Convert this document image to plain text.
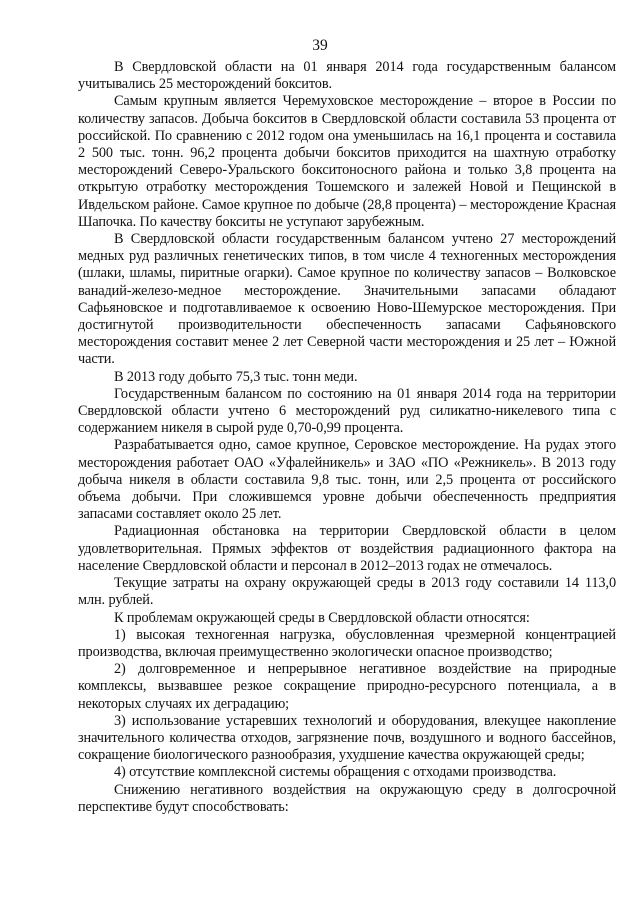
39

В Свердловской области на 01 января 2014 года государственным балансом учитывались 25 месторождений бокситов.

Самым крупным является Черемуховское месторождение – второе в России по количеству запасов. Добыча бокситов в Свердловской области составила 53 процента от российской. По сравнению с 2012 годом она уменьшилась на 16,1 процента и составила 2 500 тыс. тонн. 96,2 процента добычи бокситов приходится на шахтную отработку месторождений Северо-Уральского бокситоносного района и только 3,8 процента на открытую отработку месторождения Тошемского и залежей Новой и Пещинской в Ивдельском районе. Самое крупное по добыче (28,8 процента) – месторождение Красная Шапочка. По качеству бокситы не уступают зарубежным.

В Свердловской области государственным балансом учтено 27 месторождений медных руд различных генетических типов, в том числе 4 техногенных месторождения (шлаки, шламы, пиритные огарки). Самое крупное по количеству запасов – Волковское ванадий-железо-медное месторождение. Значительными запасами обладают Сафьяновское и подготавливаемое к освоению Ново-Шемурское месторождения. При достигнутой производительности обеспеченность запасами Сафьяновского месторождения составит менее 2 лет Северной части месторождения и 25 лет – Южной части.

В 2013 году добыто 75,3 тыс. тонн меди.

Государственным балансом по состоянию на 01 января 2014 года на территории Свердловской области учтено 6 месторождений руд силикатно-никелевого типа с содержанием никеля в сырой руде 0,70-0,99 процента.

Разрабатывается одно, самое крупное, Серовское месторождение. На рудах этого месторождения работает ОАО «Уфалейникель» и ЗАО «ПО «Режникель». В 2013 году добыча никеля в области составила 9,8 тыс. тонн, или 2,5 процента от российского объема добычи. При сложившемся уровне добычи обеспеченность предприятия запасами составляет около 25 лет.

Радиационная обстановка на территории Свердловской области в целом удовлетворительная. Прямых эффектов от воздействия радиационного фактора на население Свердловской области и персонал в 2012–2013 годах не отмечалось.

Текущие затраты на охрану окружающей среды в 2013 году составили 14 113,0 млн. рублей.

К проблемам окружающей среды в Свердловской области относятся:

1) высокая техногенная нагрузка, обусловленная чрезмерной концентрацией производства, включая преимущественно экологически опасное производство;

2) долговременное и непрерывное негативное воздействие на природные комплексы, вызвавшее резкое сокращение природно-ресурсного потенциала, а в некоторых случаях их деградацию;

3) использование устаревших технологий и оборудования, влекущее накопление значительного количества отходов, загрязнение почв, воздушного и водного бассейнов, сокращение биологического разнообразия, ухудшение качества окружающей среды;

4) отсутствие комплексной системы обращения с отходами производства.

Снижению негативного воздействия на окружающую среду в долгосрочной перспективе будут способствовать:
